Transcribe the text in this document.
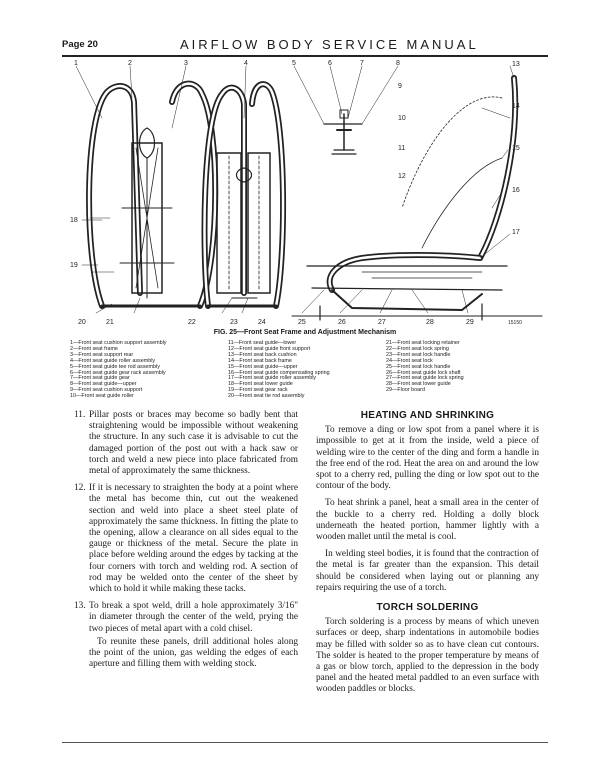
Page 20	AIRFLOW BODY SERVICE MANUAL
1	2	3	4	5	6	7	8
9
10
11
12
13
14
15
16
17
18
19
20	21	22	23	24	25	26	27	28	29	15150
FIG. 25—Front Seat Frame and Adjustment Mechanism
1—Front seat cushion support assembly
2—Front seat frame
3—Front seat support rear
4—Front seat guide roller assembly
5—Front seat guide tee rod assembly
6—Front seat guide gear rack assembly
7—Front seat guide gear
8—Front seat guide—upper
9—Front seat cushion support
10—Front seat guide roller
11—Front seat guide—lower
12—Front seat guide front support
13—Front seat back cushion
14—Front seat back frame
15—Front seat guide—upper
16—Front seat guide compensating spring
17—Front seat guide roller assembly
18—Front seat lower guide
19—Front seat gear rack
20—Front seat tie rod assembly
21—Front seat locking retainer
22—Front seat lock spring
23—Front seat lock handle
24—Front seat lock
25—Front seat lock handle
26—Front seat guide lock shaft
27—Front seat guide lock spring
28—Front seat lower guide
29—Floor board
11. Pillar posts or braces may become so badly bent that straightening would be impossible without weakening the structure. In any such case it is advisable to cut the damaged portion of the post out with a hack saw or torch and weld a new piece into place fabricated from metal of approximately the same thickness.

12. If it is necessary to straighten the body at a point where the metal has become thin, cut out the weakened section and weld into place a sheet steel plate of approximately the same thickness. In fitting the plate to the opening, allow a clearance on all sides equal to the gauge or thickness of the metal. Secure the plate in place before welding around the edges by tacking at the four corners with torch and welding rod. A section of rod may be welded onto the center of the sheet by which to hold it while making these tacks.

13. To break a spot weld, drill a hole approximately 3/16" in diameter through the center of the weld, prying the two pieces of metal apart with a cold chisel.

To reunite these panels, drill additional holes along the point of the union, gas welding the edges of each aperture and filling them with welding stock.

HEATING AND SHRINKING

To remove a ding or low spot from a panel where it is impossible to get at it from the inside, weld a piece of welding wire to the center of the ding and form a handle in the free end of the rod. Heat the area on and around the low spot to a cherry red, pulling the ding or low spot out to the contour of the body.

To heat shrink a panel, heat a small area in the center of the buckle to a cherry red. Holding a dolly block underneath the heated portion, hammer lightly with a wooden mallet until the metal is cool.

In welding steel bodies, it is found that the contraction of the metal is far greater than the expansion. This detail should be considered when laying out or planning any repairs requiring the use of a torch.

TORCH SOLDERING

Torch soldering is a process by means of which uneven surfaces or deep, sharp indentations in automobile bodies may be filled with solder so as to have clean cut contours. The solder is heated to the proper temperature by means of a gas or blow torch, applied to the depression in the body panel and the heated metal paddled to an even surface with wooden paddles or blocks.
